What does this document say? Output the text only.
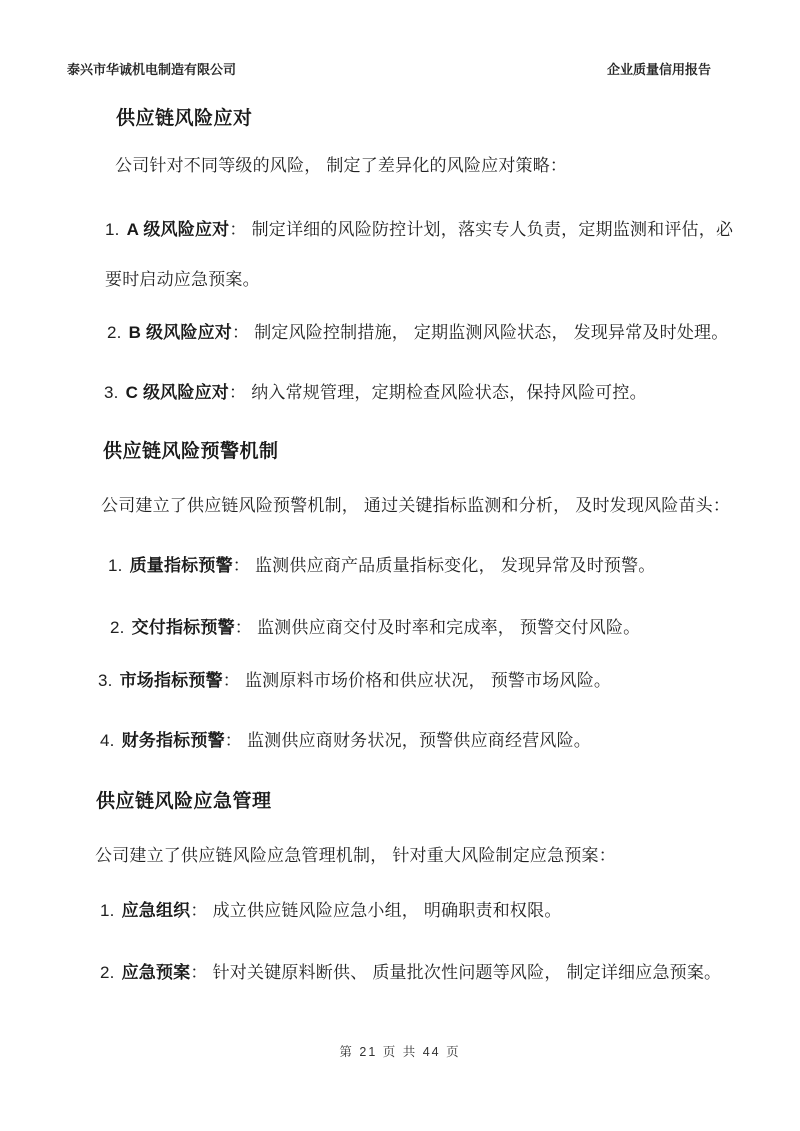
泰兴市华诚机电制造有限公司	企业质量信用报告
供应链风险应对
公司针对不同等级的风险， 制定了差异化的风险应对策略：
1. A 级风险应对： 制定详细的风险防控计划，落实专人负责，定期监测和评估，必要时启动应急预案。
2. B 级风险应对： 制定风险控制措施， 定期监测风险状态， 发现异常及时处理。
3. C 级风险应对： 纳入常规管理，定期检查风险状态，保持风险可控。
供应链风险预警机制
公司建立了供应链风险预警机制， 通过关键指标监测和分析， 及时发现风险苗头：
1. 质量指标预警： 监测供应商产品质量指标变化， 发现异常及时预警。
2. 交付指标预警： 监测供应商交付及时率和完成率， 预警交付风险。
3. 市场指标预警： 监测原料市场价格和供应状况， 预警市场风险。
4. 财务指标预警： 监测供应商财务状况，预警供应商经营风险。
供应链风险应急管理
公司建立了供应链风险应急管理机制， 针对重大风险制定应急预案：
1. 应急组织： 成立供应链风险应急小组， 明确职责和权限。
2. 应急预案： 针对关键原料断供、 质量批次性问题等风险， 制定详细应急预案。
第 21 页 共 44 页
